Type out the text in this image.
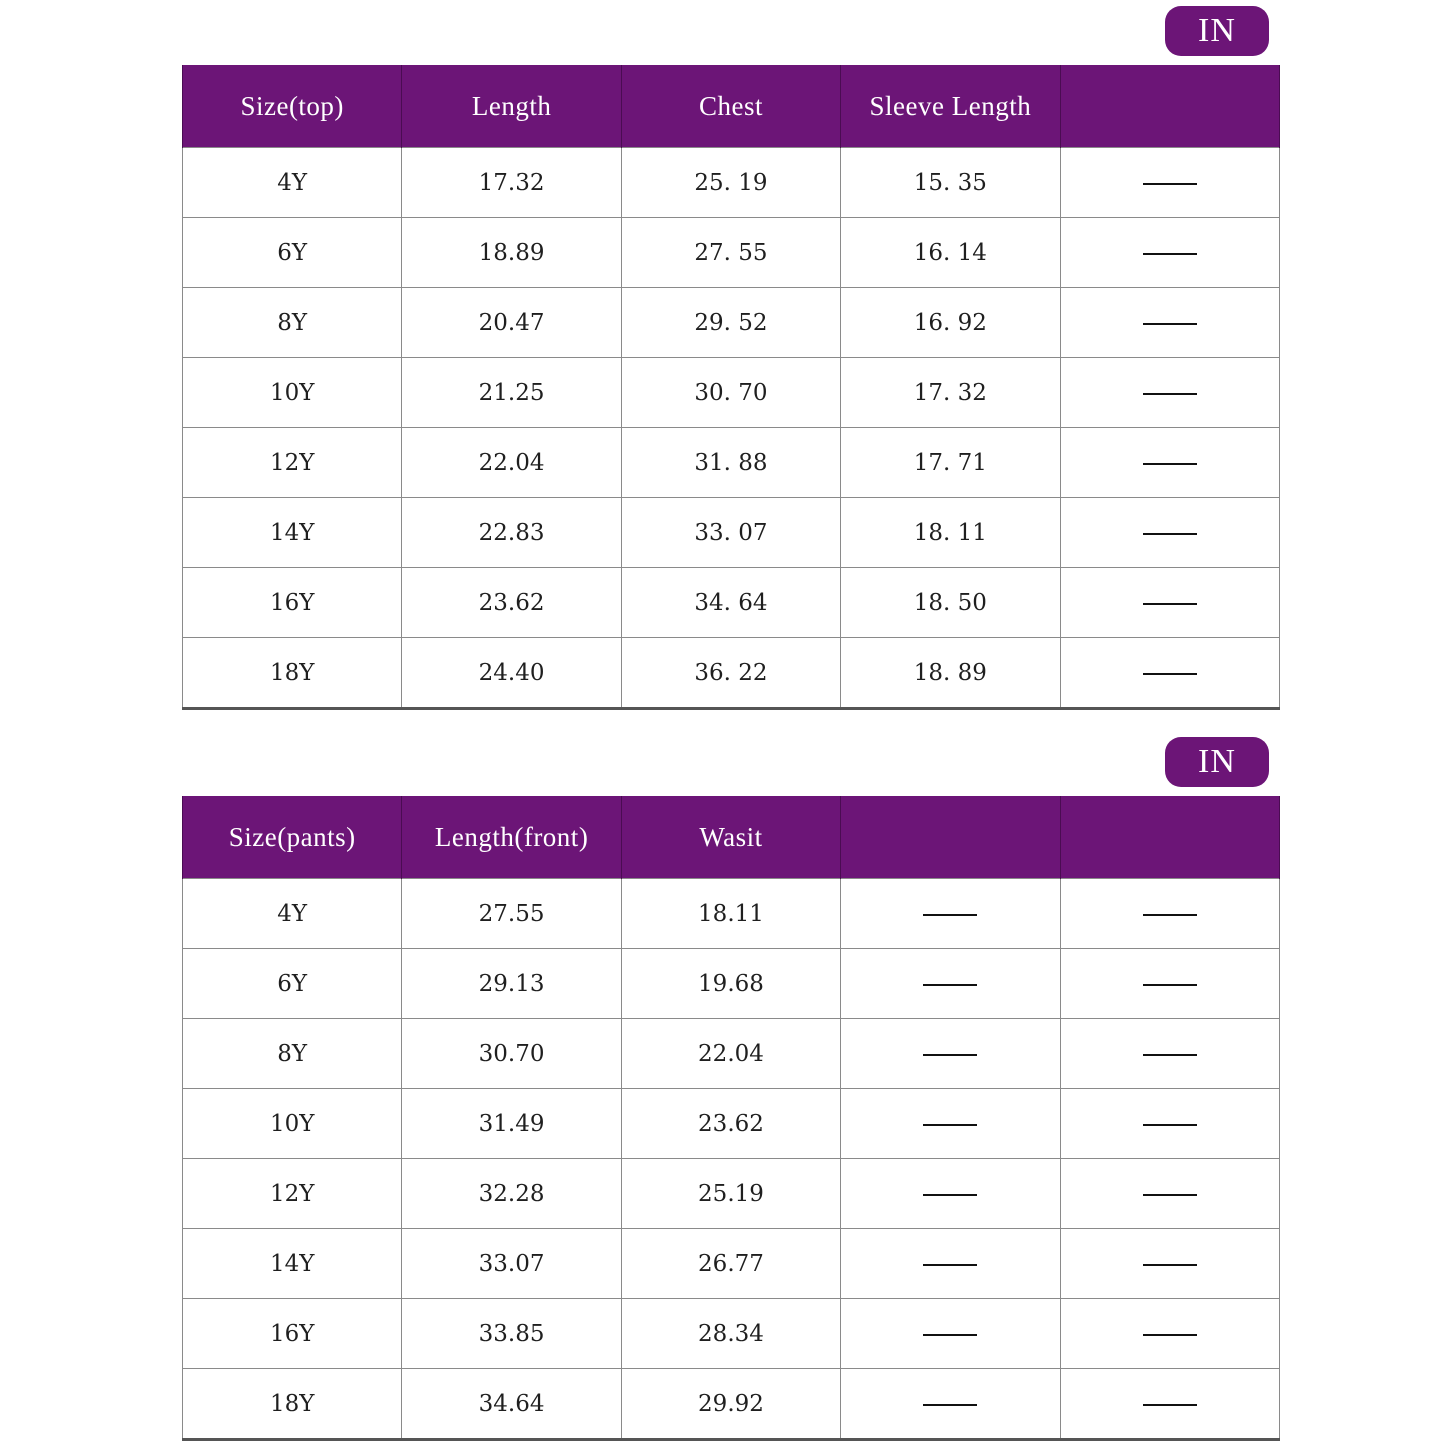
IN
Size(top)	Length	Chest	Sleeve Length	
4Y	17.32	25. 19	15. 35	
6Y	18.89	27. 55	16. 14	
8Y	20.47	29. 52	16. 92	
10Y	21.25	30. 70	17. 32	
12Y	22.04	31. 88	17. 71	
14Y	22.83	33. 07	18. 11	
16Y	23.62	34. 64	18. 50	
18Y	24.40	36. 22	18. 89	
IN
Size(pants)	Length(front)	Wasit		
4Y	27.55	18.11		
6Y	29.13	19.68		
8Y	30.70	22.04		
10Y	31.49	23.62		
12Y	32.28	25.19		
14Y	33.07	26.77		
16Y	33.85	28.34		
18Y	34.64	29.92		
